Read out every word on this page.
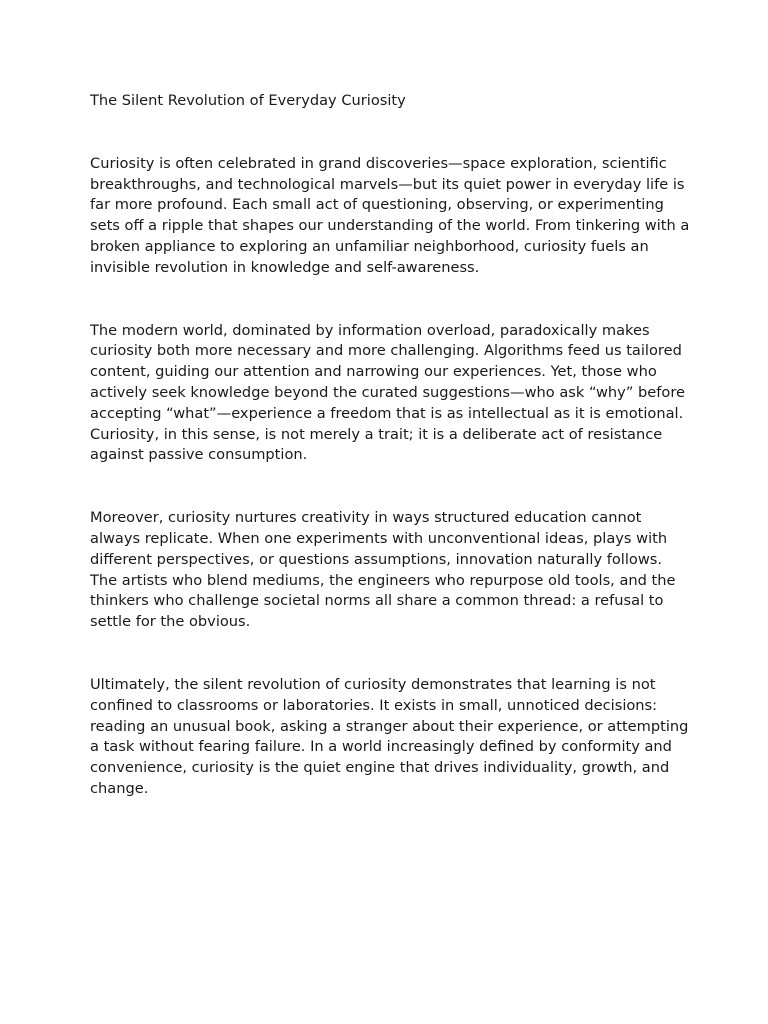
The Silent Revolution of Everyday Curiosity

Curiosity is often celebrated in grand discoveries—space exploration, scientific breakthroughs, and technological marvels—but its quiet power in everyday life is far more profound. Each small act of questioning, observing, or experimenting sets off a ripple that shapes our understanding of the world. From tinkering with a broken appliance to exploring an unfamiliar neighborhood, curiosity fuels an invisible revolution in knowledge and self-awareness.

The modern world, dominated by information overload, paradoxically makes curiosity both more necessary and more challenging. Algorithms feed us tailored content, guiding our attention and narrowing our experiences. Yet, those who actively seek knowledge beyond the curated suggestions—who ask “why” before accepting “what”—experience a freedom that is as intellectual as it is emotional. Curiosity, in this sense, is not merely a trait; it is a deliberate act of resistance against passive consumption.

Moreover, curiosity nurtures creativity in ways structured education cannot always replicate. When one experiments with unconventional ideas, plays with different perspectives, or questions assumptions, innovation naturally follows. The artists who blend mediums, the engineers who repurpose old tools, and the thinkers who challenge societal norms all share a common thread: a refusal to settle for the obvious.

Ultimately, the silent revolution of curiosity demonstrates that learning is not confined to classrooms or laboratories. It exists in small, unnoticed decisions: reading an unusual book, asking a stranger about their experience, or attempting a task without fearing failure. In a world increasingly defined by conformity and convenience, curiosity is the quiet engine that drives individuality, growth, and change.
